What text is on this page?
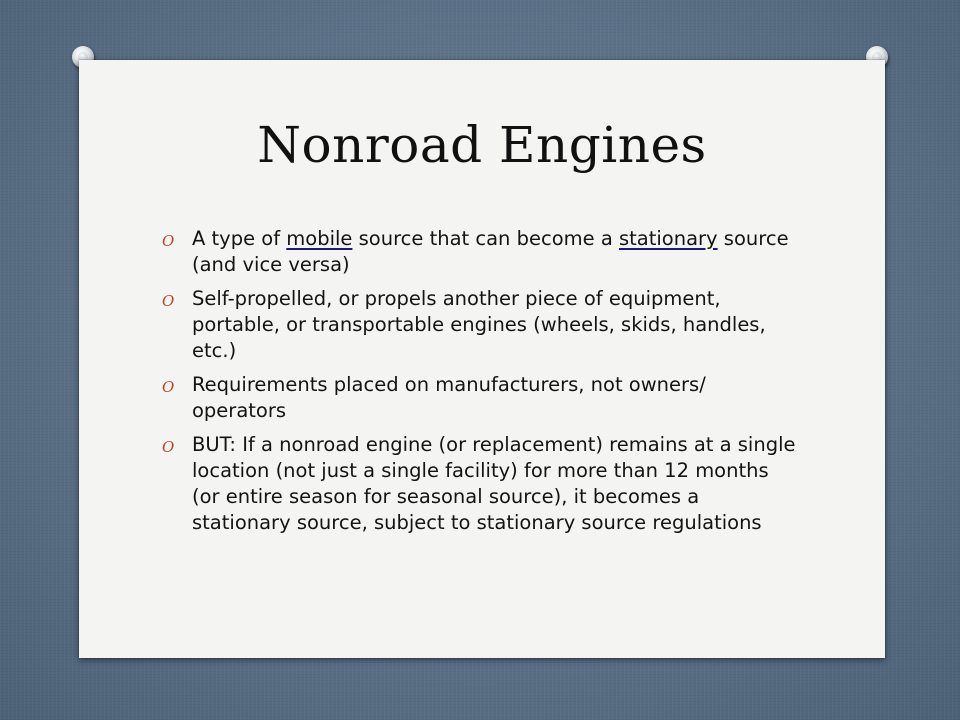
Nonroad Engines
O A type of mobile source that can become a stationary source (and vice versa)
O Self-propelled, or propels another piece of equipment, portable, or transportable engines (wheels, skids, handles, etc.)
O Requirements placed on manufacturers, not owners/ operators
O BUT: If a nonroad engine (or replacement) remains at a single location (not just a single facility) for more than 12 months (or entire season for seasonal source), it becomes a stationary source, subject to stationary source regulations
